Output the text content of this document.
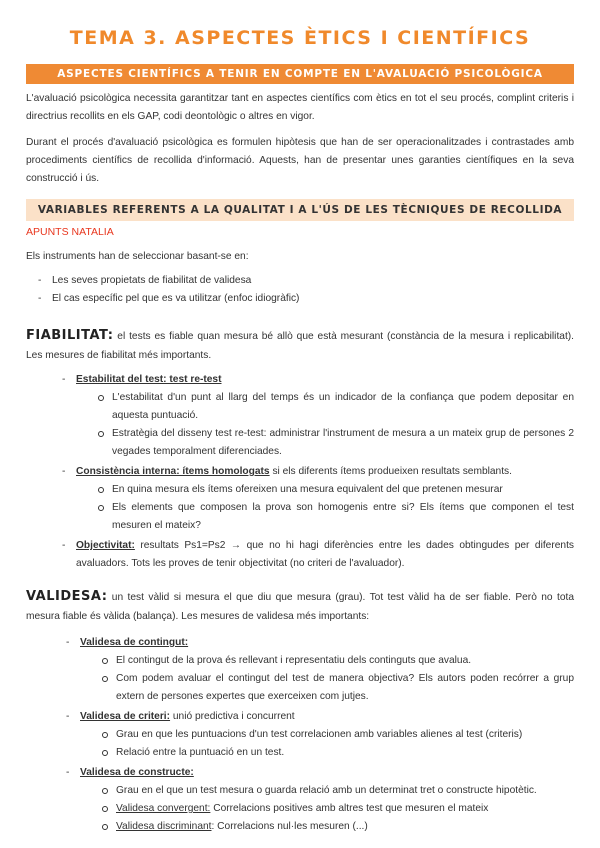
TEMA 3. ASPECTES ÈTICS I CIENTÍFICS
ASPECTES CIENTÍFICS A TENIR EN COMPTE EN L'AVALUACIÓ PSICOLÒGICA

L'avaluació psicològica necessita garantitzar tant en aspectes científics com ètics en tot el seu procés, complint criteris i directrius recollits en els GAP, codi deontològic o altres en vigor.

Durant el procés d'avaluació psicològica es formulen hipòtesis que han de ser operacionalitzades i contrastades amb procediments científics de recollida d'informació. Aquests, han de presentar unes garanties científiques en la seva construcció i ús.

VARIABLES REFERENTS A LA QUALITAT I A L'ÚS DE LES TÈCNIQUES DE RECOLLIDA
APUNTS NATALIA

Els instruments han de seleccionar basant-se en:

- Les seves propietats de fiabilitat de validesa
- El cas específic pel que es va utilitzar (enfoc idiogràfic)
FIABILITAT: el tests es fiable quan mesura bé allò que està mesurant (constància de la mesura i replicabilitat). Les mesures de fiabilitat més importants.
- Estabilitat del test: test re-test
L'estabilitat d'un punt al llarg del temps és un indicador de la confiança que podem depositar en aquesta puntuació.
Estratègia del disseny test re-test: administrar l'instrument de mesura a un mateix grup de persones 2 vegades temporalment diferenciades.
- Consistència interna: ítems homologats si els diferents ítems produeixen resultats semblants.
En quina mesura els ítems ofereixen una mesura equivalent del que pretenen mesurar
Els elements que composen la prova son homogenis entre si? Els ítems que componen el test mesuren el mateix?
- Objectivitat: resultats Ps1=Ps2 → que no hi hagi diferències entre les dades obtingudes per diferents avaluadors. Tots les proves de tenir objectivitat (no criteri de l'avaluador).
VALIDESA: un test vàlid si mesura el que diu que mesura (grau). Tot test vàlid ha de ser fiable. Però no tota mesura fiable és vàlida (balança). Les mesures de validesa més importants:
- Validesa de contingut:
El contingut de la prova és rellevant i representatiu dels continguts que avalua.
Com podem avaluar el contingut del test de manera objectiva? Els autors poden recórrer a grup extern de persones expertes que exerceixen com jutjes.
- Validesa de criteri: unió predictiva i concurrent
Grau en que les puntuacions d'un test correlacionen amb variables alienes al test (criteris)
Relació entre la puntuació en un test.
- Validesa de constructe:
Grau en el que un test mesura o guarda relació amb un determinat tret o constructe hipotètic.
Validesa convergent: Correlacions positives amb altres test que mesuren el mateix
Validesa discriminant: Correlacions nul·les mesuren (...)
